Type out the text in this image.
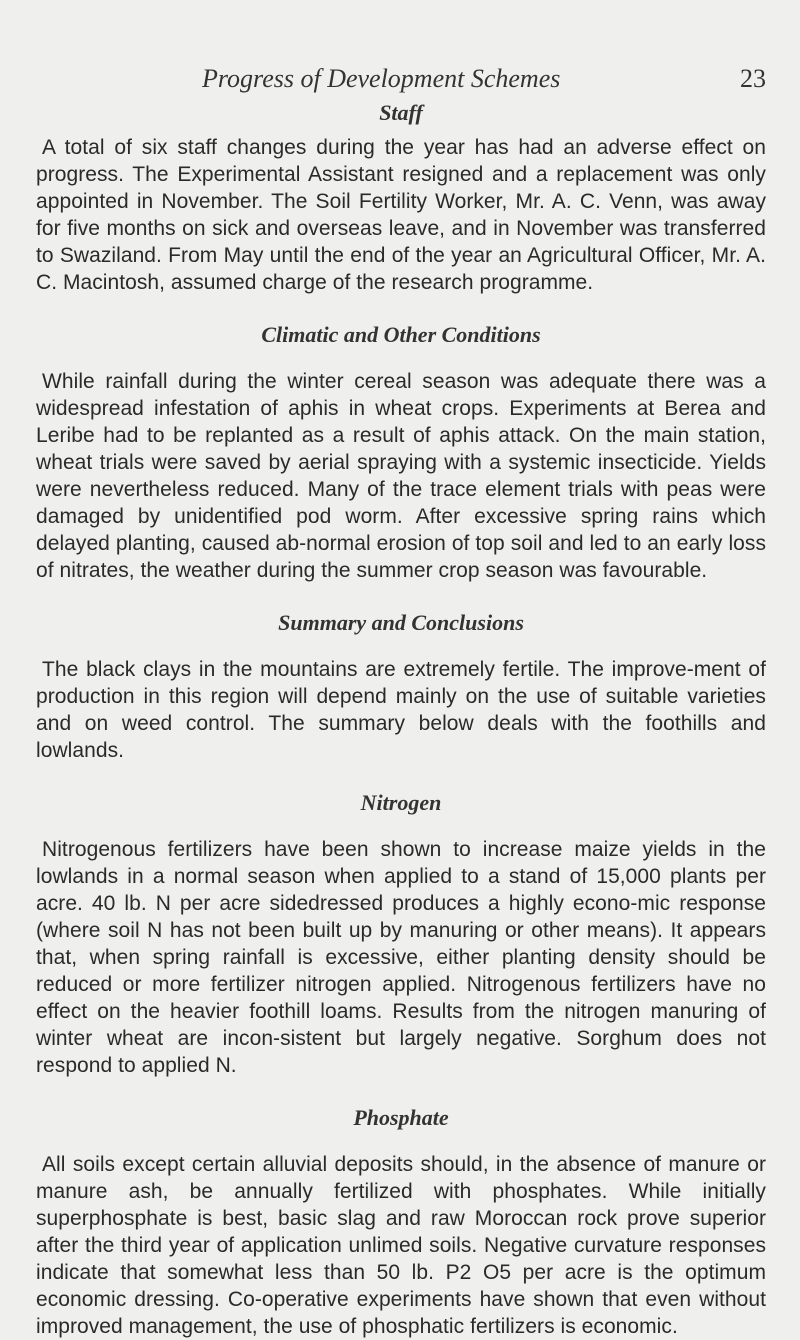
Progress of Development Schemes	23
Staff

A total of six staff changes during the year has had an adverse effect on progress. The Experimental Assistant resigned and a replacement was only appointed in November. The Soil Fertility Worker, Mr. A. C. Venn, was away for five months on sick and overseas leave, and in November was transferred to Swaziland. From May until the end of the year an Agricultural Officer, Mr. A. C. Macintosh, assumed charge of the research programme.

Climatic and Other Conditions

While rainfall during the winter cereal season was adequate there was a widespread infestation of aphis in wheat crops. Experiments at Berea and Leribe had to be replanted as a result of aphis attack. On the main station, wheat trials were saved by aerial spraying with a systemic insecticide. Yields were nevertheless reduced. Many of the trace element trials with peas were damaged by unidentified pod worm. After excessive spring rains which delayed planting, caused ab-normal erosion of top soil and led to an early loss of nitrates, the weather during the summer crop season was favourable.

Summary and Conclusions

The black clays in the mountains are extremely fertile. The improve-ment of production in this region will depend mainly on the use of suitable varieties and on weed control. The summary below deals with the foothills and lowlands.

Nitrogen

Nitrogenous fertilizers have been shown to increase maize yields in the lowlands in a normal season when applied to a stand of 15,000 plants per acre. 40 lb. N per acre sidedressed produces a highly econo-mic response (where soil N has not been built up by manuring or other means). It appears that, when spring rainfall is excessive, either planting density should be reduced or more fertilizer nitrogen applied. Nitrogenous fertilizers have no effect on the heavier foothill loams. Results from the nitrogen manuring of winter wheat are incon-sistent but largely negative. Sorghum does not respond to applied N.

Phosphate

All soils except certain alluvial deposits should, in the absence of manure or manure ash, be annually fertilized with phosphates. While initially superphosphate is best, basic slag and raw Moroccan rock prove superior after the third year of application unlimed soils. Negative curvature responses indicate that somewhat less than 50 lb. P2 O5 per acre is the optimum economic dressing. Co-operative experiments have shown that even without improved management, the use of phosphatic fertilizers is economic.
